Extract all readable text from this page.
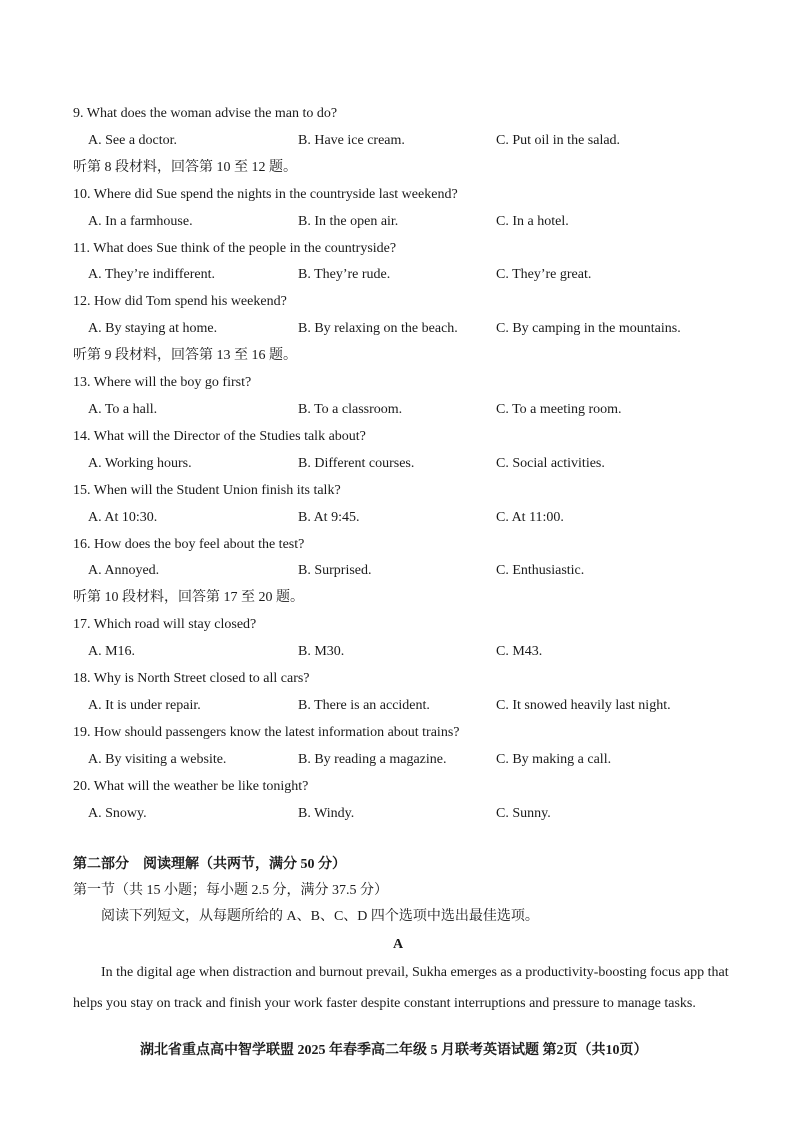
9. What does the woman advise the man to do?
A. See a doctor.	B. Have ice cream.	C. Put oil in the salad.
听第 8 段材料，回答第 10 至 12 题。
10. Where did Sue spend the nights in the countryside last weekend?
A. In a farmhouse.	B. In the open air.	C. In a hotel.
11. What does Sue think of the people in the countryside?
A. They’re indifferent.	B. They’re rude.	C. They’re great.
12. How did Tom spend his weekend?
A. By staying at home.	B. By relaxing on the beach.	C. By camping in the mountains.
听第 9 段材料，回答第 13 至 16 题。
13. Where will the boy go first?
A. To a hall.	B. To a classroom.	C. To a meeting room.
14. What will the Director of the Studies talk about?
A. Working hours.	B. Different courses.	C. Social activities.
15. When will the Student Union finish its talk?
A. At 10:30.	B. At 9:45.	C. At 11:00.
16. How does the boy feel about the test?
A. Annoyed.	B. Surprised.	C. Enthusiastic.
听第 10 段材料，回答第 17 至 20 题。
17. Which road will stay closed?
A. M16.	B. M30.	C. M43.
18. Why is North Street closed to all cars?
A. It is under repair.	B. There is an accident.	C. It snowed heavily last night.
19. How should passengers know the latest information about trains?
A. By visiting a website.	B. By reading a magazine.	C. By making a call.
20. What will the weather be like tonight?
A. Snowy.	B. Windy.	C. Sunny.
第二部分　阅读理解（共两节，满分 50 分）
第一节（共 15 小题；每小题 2.5 分，满分 37.5 分）
阅读下列短文，从每题所给的 A、B、C、D 四个选项中选出最佳选项。
A
In the digital age when distraction and burnout prevail, Sukha emerges as a productivity-boosting focus app that helps you stay on track and finish your work faster despite constant interruptions and pressure to manage tasks.
湖北省重点高中智学联盟 2025 年春季高二年级 5 月联考英语试题 第2页（共10页）
